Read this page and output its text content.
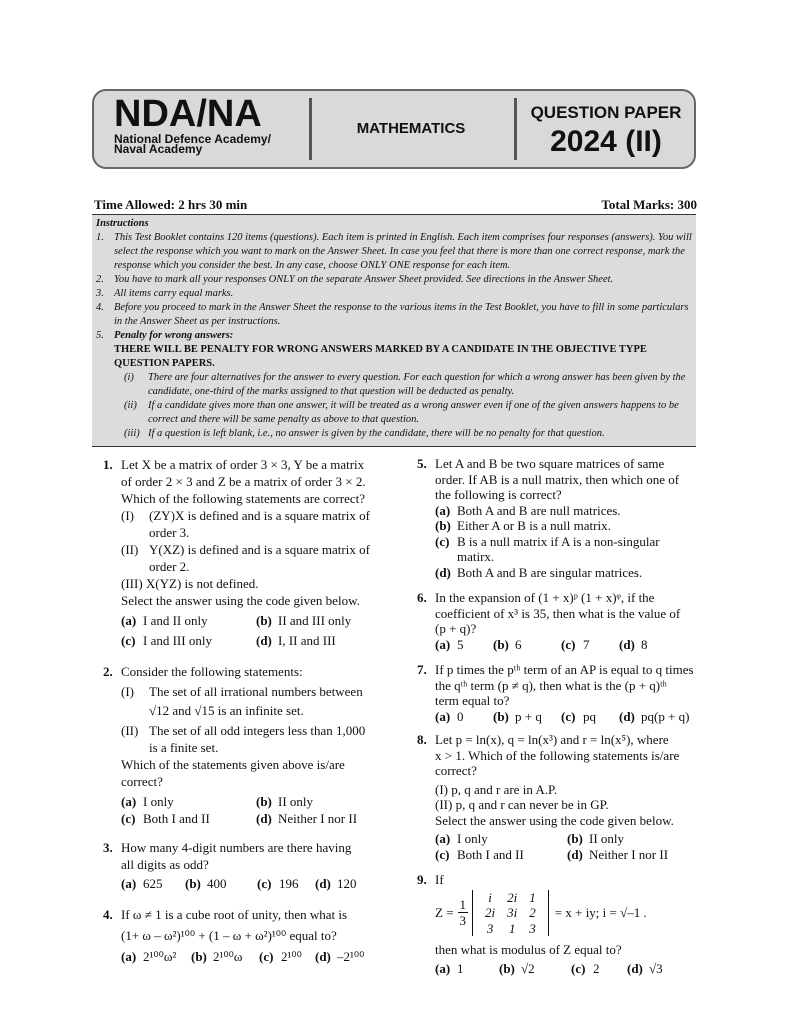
NDA/NA
National Defence Academy/
Naval Academy
MATHEMATICS
QUESTION PAPER
2024 (II)
Time Allowed: 2 hrs 30 min	Total Marks: 300
Instructions
1. This Test Booklet contains 120 items (questions). Each item is printed in English. Each item comprises four responses (answers). You will select the response which you want to mark on the Answer Sheet. In case you feel that there is more than one correct response, mark the response which you consider the best. In any case, choose ONLY ONE response for each item.
2. You have to mark all your responses ONLY on the separate Answer Sheet provided. See directions in the Answer Sheet.
3. All items carry equal marks.
4. Before you proceed to mark in the Answer Sheet the response to the various items in the Test Booklet, you have to fill in some particulars in the Answer Sheet as per instructions.
5. Penalty for wrong answers:
THERE WILL BE PENALTY FOR WRONG ANSWERS MARKED BY A CANDIDATE IN THE OBJECTIVE TYPE QUESTION PAPERS.
(i)	There are four alternatives for the answer to every question. For each question for which a wrong answer has been given by the candidate, one-third of the marks assigned to that question will be deducted as penalty.
(ii)	If a candidate gives more than one answer, it will be treated as a wrong answer even if one of the given answers happens to be correct and there will be same penalty as above to that question.
(iii) If a question is left blank, i.e., no answer is given by the candidate, there will be no penalty for that question.
1. Let X be a matrix of order 3 × 3, Y be a matrix
of order 2 × 3 and Z be a matrix of order 3 × 2.
Which of the following statements are correct?
(I)	(ZY)X is defined and is a square matrix of
order 3.
(II) Y(XZ) is defined and is a square matrix of
order 2.
(III) X(YZ) is not defined.
Select the answer using the code given below.
(a) I and II only	(b) II and III only
(c) I and III only	(d) I, II and III
2. Consider the following statements:
(I)	The set of all irrational numbers between
√12 and √15 is an infinite set.
(II) The set of all odd integers less than 1,000
is a finite set.
Which of the statements given above is/are
correct?
(a) I only	(b) II only
(c) Both I and II	(d) Neither I nor II
3. How many 4-digit numbers are there having
all digits as odd?
(a) 625 (b) 400 (c) 196 (d) 120
4. If ω ≠ 1 is a cube root of unity, then what is
(1+ ω – ω²)¹⁰⁰ + (1 – ω + ω²)¹⁰⁰ equal to?
(a) 2¹⁰⁰ω² (b) 2¹⁰⁰ω (c) 2¹⁰⁰ (d) –2¹⁰⁰
5. Let A and B be two square matrices of same
order. If AB is a null matrix, then which one of
the following is correct?
(a) Both A and B are null matrices.
(b) Either A or B is a null matrix.
(c) B is a null matrix if A is a non-singular
matirx.
(d) Both A and B are singular matrices.
6. In the expansion of (1 + x)ᵖ (1 + x)ᵠ, if the
coefficient of x³ is 35, then what is the value of
(p + q)?
(a) 5 (b) 6	(c) 7 (d) 8
7. If p times the pᵗʰ term of an AP is equal to q times
the qᵗʰ term (p ≠ q), then what is the (p + q)ᵗʰ
term equal to?
(a) 0 (b) p + q (c) pq (d) pq(p + q)
8. Let p = ln(x), q = ln(x³) and r = ln(x⁵), where
x > 1. Which of the following statements is/are
correct?
(I) p, q and r are in A.P.
(II) p, q and r can never be in GP.
Select the answer using the code given below.
(a) I only	(b) II only
(c) Both I and II	(d) Neither I nor II
9. If
$Z = \frac{1}{3}$ i	2i	1
2i	3i	2
3	1	3
= x + iy; i = √–1 .
then what is modulus of Z equal to?
(a) 1	(b) √2	(c) 2 (d) √3
